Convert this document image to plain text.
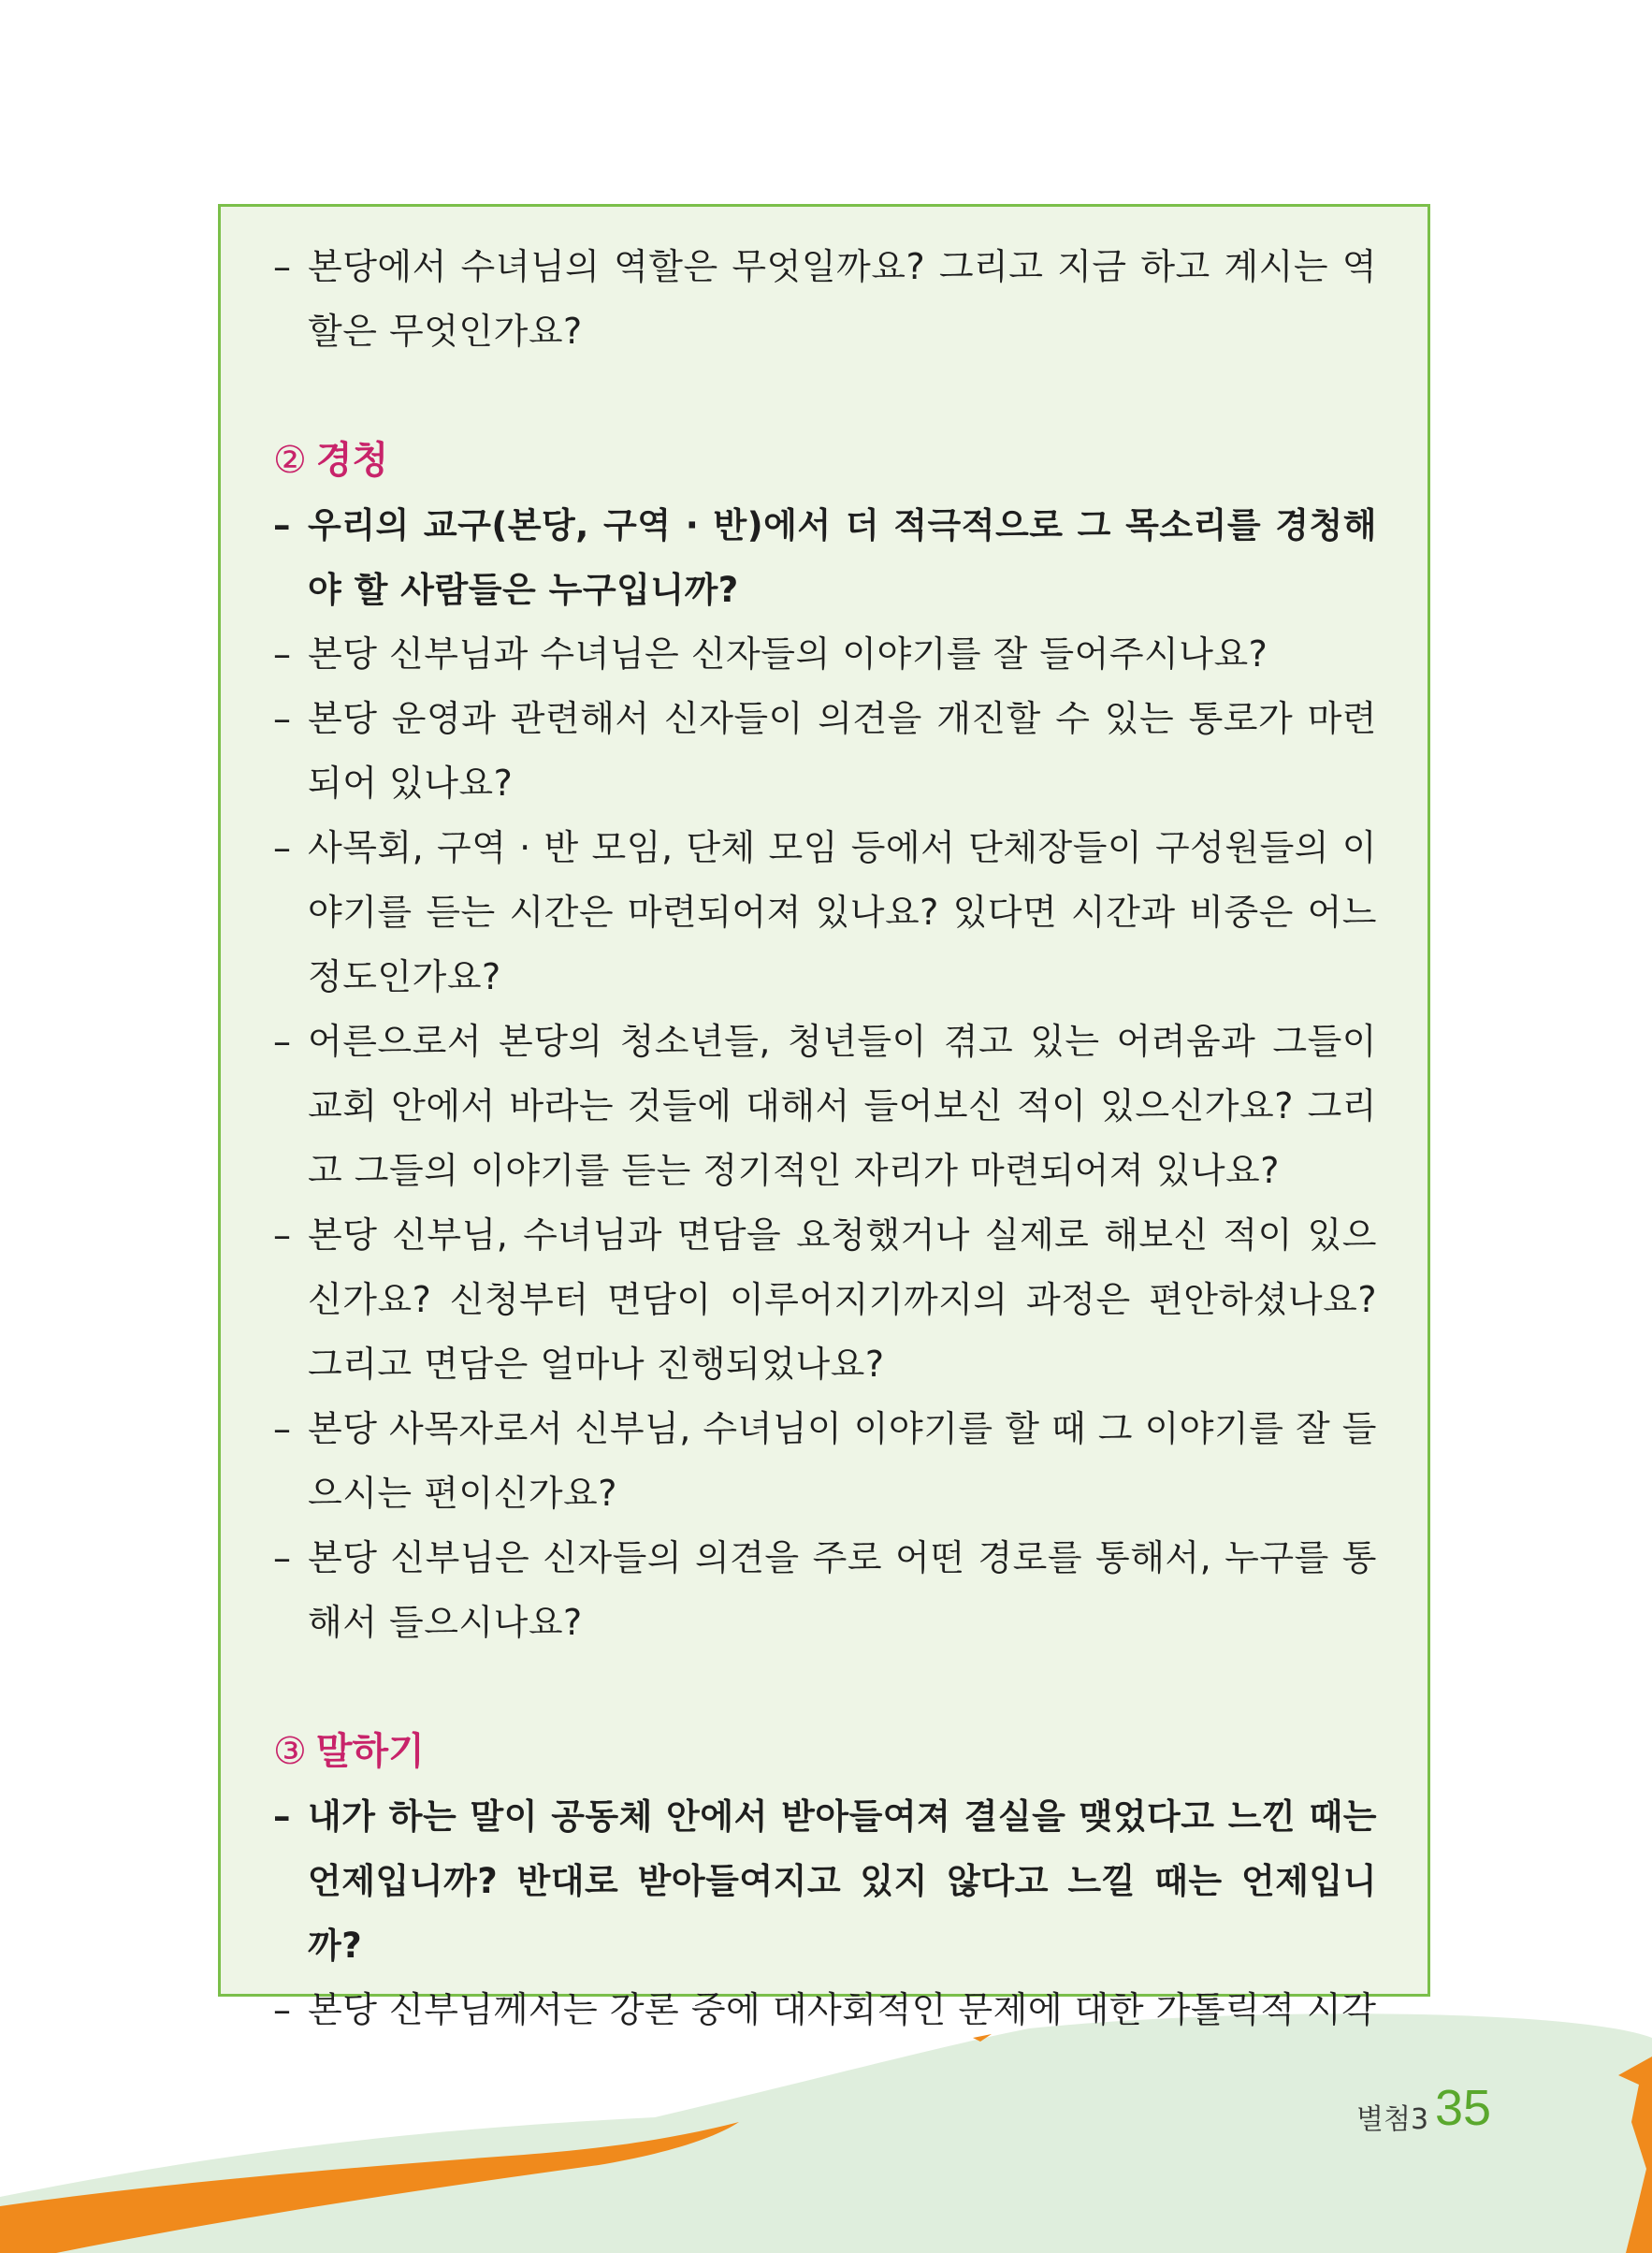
– 본당에서 수녀님의 역할은 무엇일까요? 그리고 지금 하고 계시는 역할은 무엇인가요?
② 경청
– 우리의 교구(본당, 구역 · 반)에서 더 적극적으로 그 목소리를 경청해야 할 사람들은 누구입니까?
– 본당 신부님과 수녀님은 신자들의 이야기를 잘 들어주시나요?
– 본당 운영과 관련해서 신자들이 의견을 개진할 수 있는 통로가 마련되어 있나요?
– 사목회, 구역 · 반 모임, 단체 모임 등에서 단체장들이 구성원들의 이야기를 듣는 시간은 마련되어져 있나요? 있다면 시간과 비중은 어느 정도인가요?
– 어른으로서 본당의 청소년들, 청년들이 겪고 있는 어려움과 그들이 교회 안에서 바라는 것들에 대해서 들어보신 적이 있으신가요? 그리고 그들의 이야기를 듣는 정기적인 자리가 마련되어져 있나요?
– 본당 신부님, 수녀님과 면담을 요청했거나 실제로 해보신 적이 있으신가요? 신청부터 면담이 이루어지기까지의 과정은 편안하셨나요? 그리고 면담은 얼마나 진행되었나요?
– 본당 사목자로서 신부님, 수녀님이 이야기를 할 때 그 이야기를 잘 들으시는 편이신가요?
– 본당 신부님은 신자들의 의견을 주로 어떤 경로를 통해서, 누구를 통해서 들으시나요?
③ 말하기
– 내가 하는 말이 공동체 안에서 받아들여져 결실을 맺었다고 느낀 때는 언제입니까? 반대로 받아들여지고 있지 않다고 느낄 때는 언제입니까?
– 본당 신부님께서는 강론 중에 대사회적인 문제에 대한 가톨릭적 시각
별첨3 35
